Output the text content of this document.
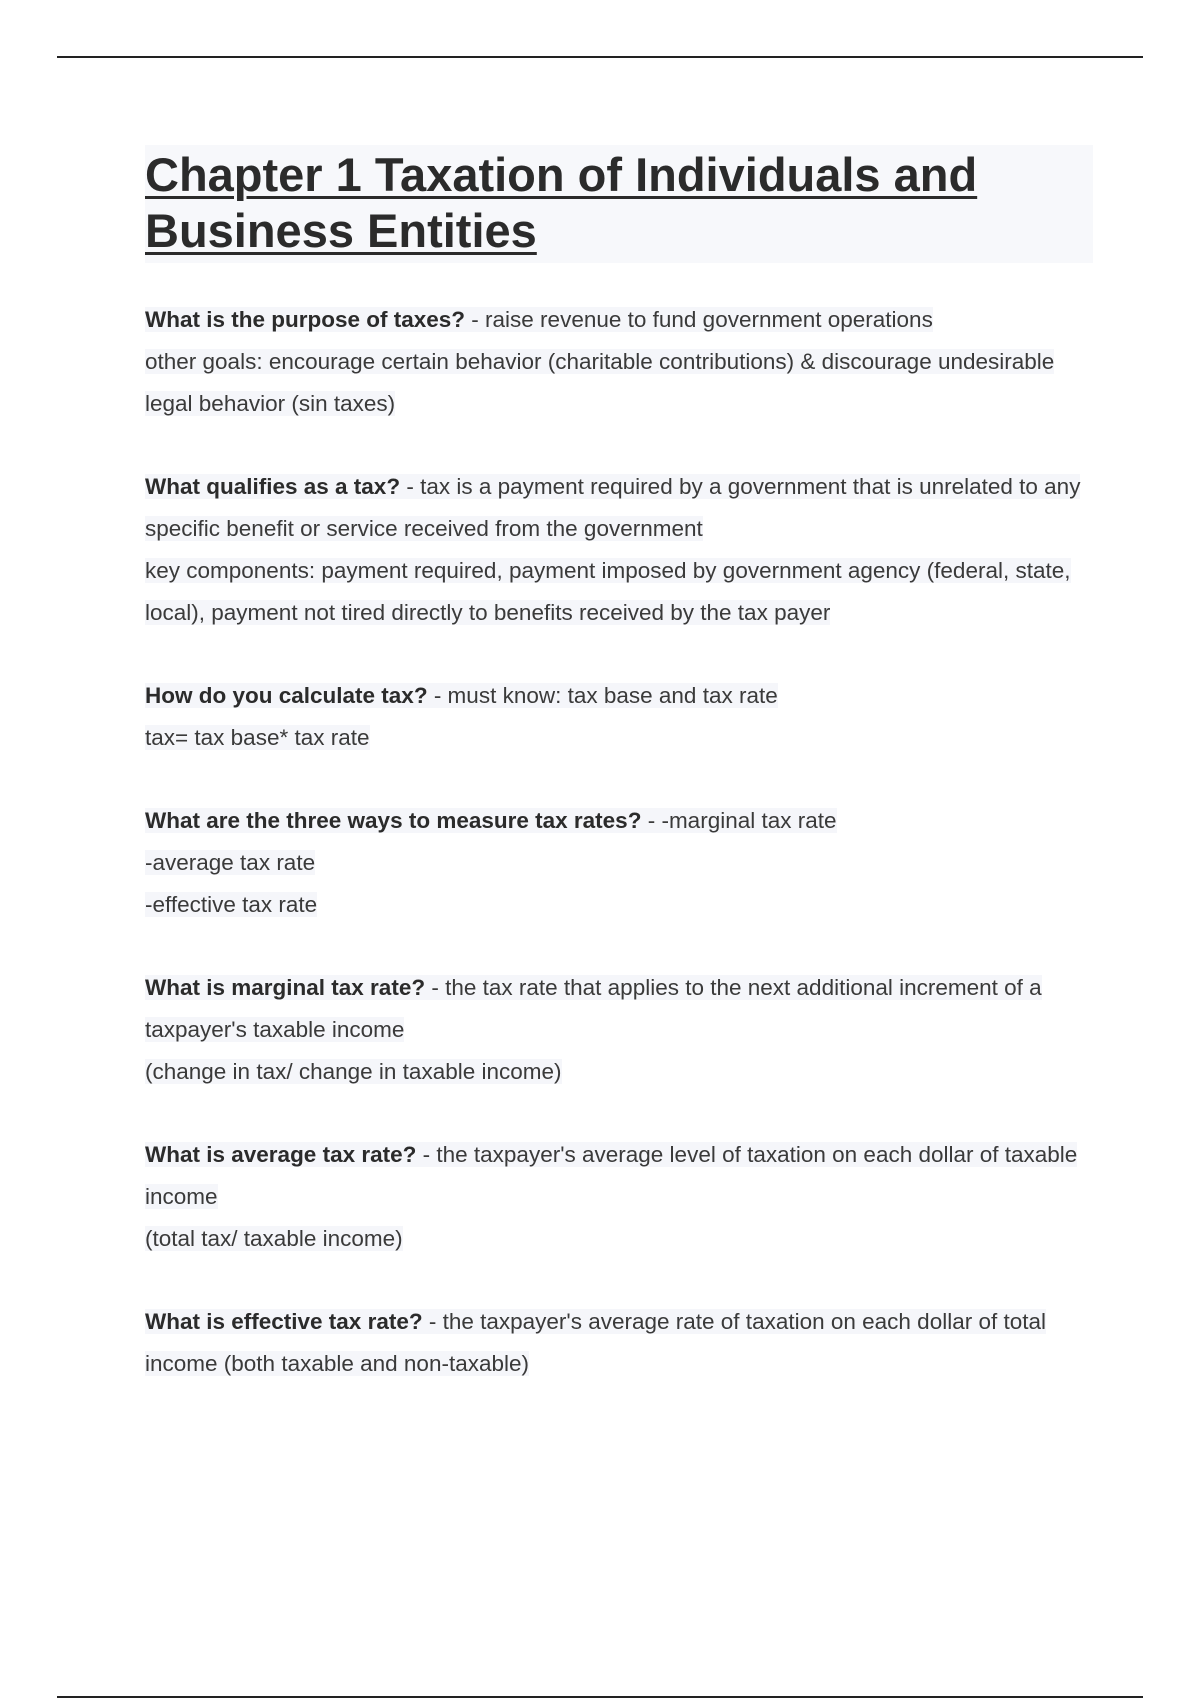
Chapter 1 Taxation of Individuals and Business Entities

What is the purpose of taxes? - raise revenue to fund government operations

other goals: encourage certain behavior (charitable contributions) & discourage undesirable legal behavior (sin taxes)

What qualifies as a tax? - tax is a payment required by a government that is unrelated to any specific benefit or service received from the government

key components: payment required, payment imposed by government agency (federal, state, local), payment not tired directly to benefits received by the tax payer

How do you calculate tax? - must know: tax base and tax rate

tax= tax base* tax rate

What are the three ways to measure tax rates? - -marginal tax rate

-average tax rate

-effective tax rate

What is marginal tax rate? - the tax rate that applies to the next additional increment of a taxpayer's taxable income

(change in tax/ change in taxable income)

What is average tax rate? - the taxpayer's average level of taxation on each dollar of taxable income

(total tax/ taxable income)

What is effective tax rate? - the taxpayer's average rate of taxation on each dollar of total income (both taxable and non-taxable)
